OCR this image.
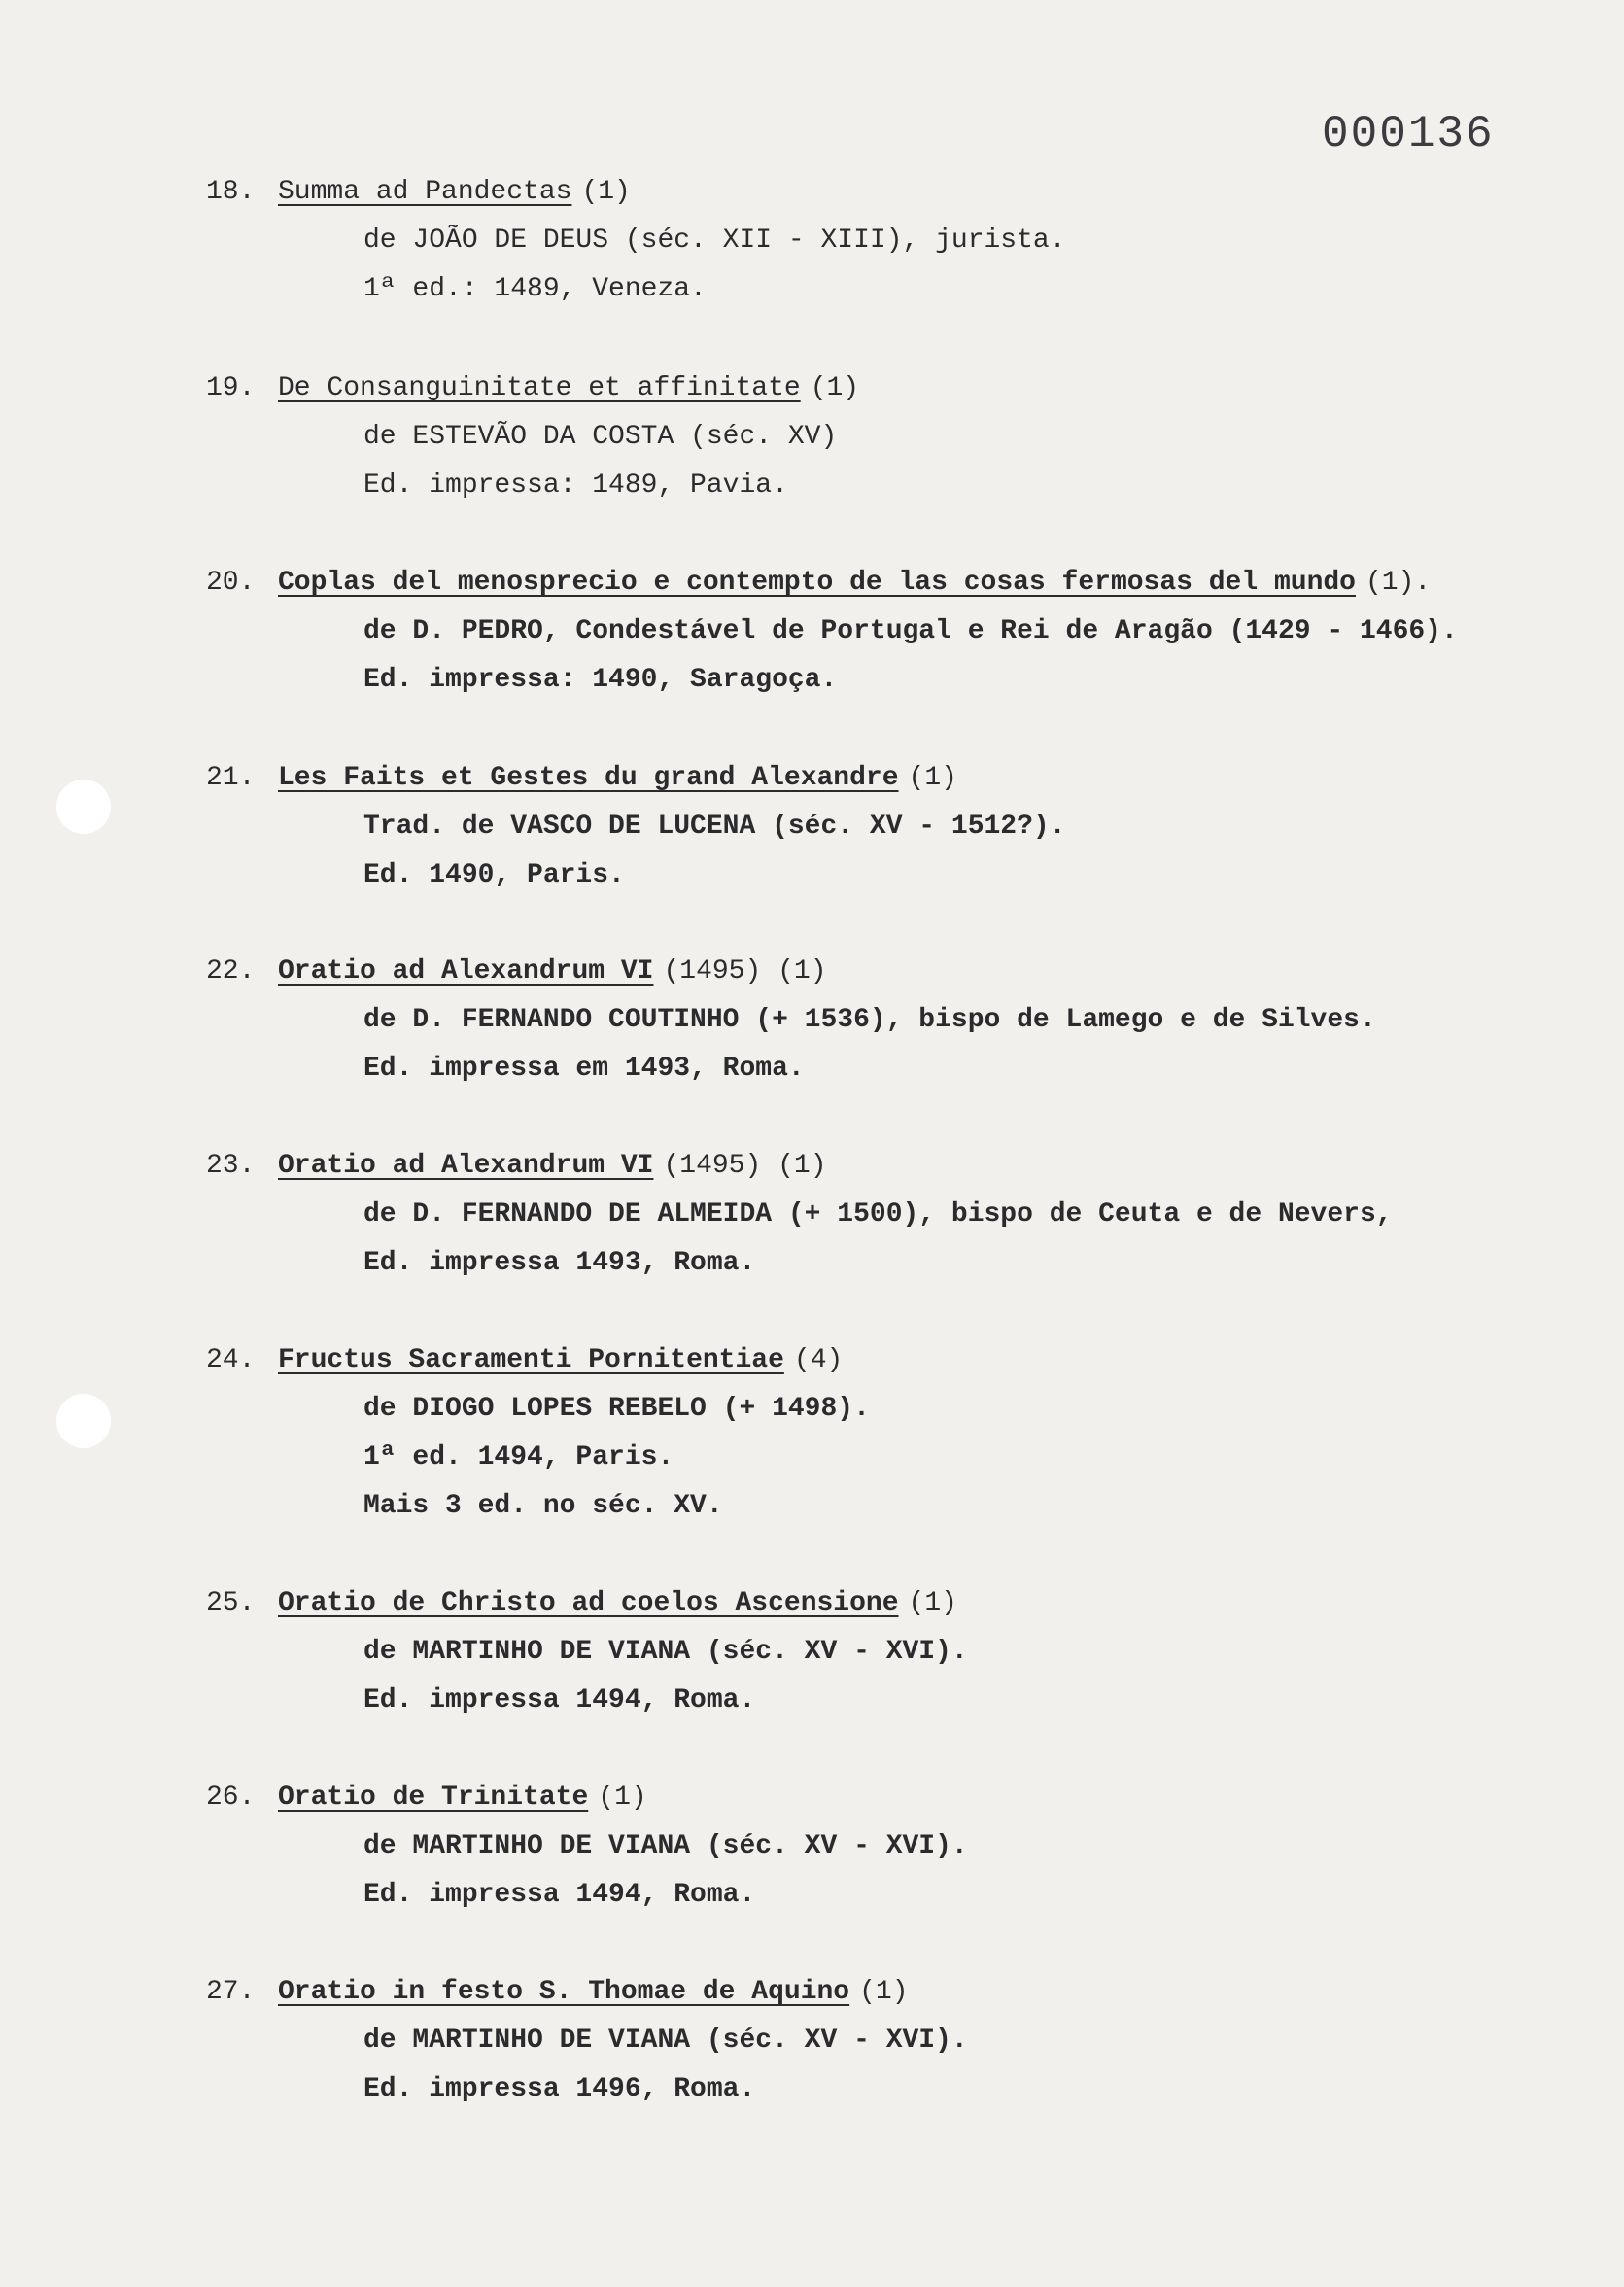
000136
18. Summa ad Pandectas (1)
de JOÃO DE DEUS (séc. XII - XIII), jurista.
1ª ed.: 1489, Veneza.
19. De Consanguinitate et affinitate (1)
de ESTEVÃO DA COSTA (séc. XV)
Ed. impressa: 1489, Pavia.
20. Coplas del menosprecio e contempto de las cosas fermosas del mundo (1).
de D. PEDRO, Condestável de Portugal e Rei de Aragão (1429 - 1466).
Ed. impressa: 1490, Saragoça.
21. Les Faits et Gestes du grand Alexandre (1)
Trad. de VASCO DE LUCENA (séc. XV - 1512?).
Ed. 1490, Paris.
22. Oratio ad Alexandrum VI (1495) (1)
de D. FERNANDO COUTINHO (+ 1536), bispo de Lamego e de Silves.
Ed. impressa em 1493, Roma.
23. Oratio ad Alexandrum VI (1495) (1)
de D. FERNANDO DE ALMEIDA (+ 1500), bispo de Ceuta e de Nevers,
Ed. impressa 1493, Roma.
24. Fructus Sacramenti Pornitentiae (4)
de DIOGO LOPES REBELO (+ 1498).
1ª ed. 1494, Paris.
Mais 3 ed. no séc. XV.
25. Oratio de Christo ad coelos Ascensione (1)
de MARTINHO DE VIANA (séc. XV - XVI).
Ed. impressa 1494, Roma.
26. Oratio de Trinitate (1)
de MARTINHO DE VIANA (séc. XV - XVI).
Ed. impressa 1494, Roma.
27. Oratio in festo S. Thomae de Aquino (1)
de MARTINHO DE VIANA (séc. XV - XVI).
Ed. impressa 1496, Roma.
